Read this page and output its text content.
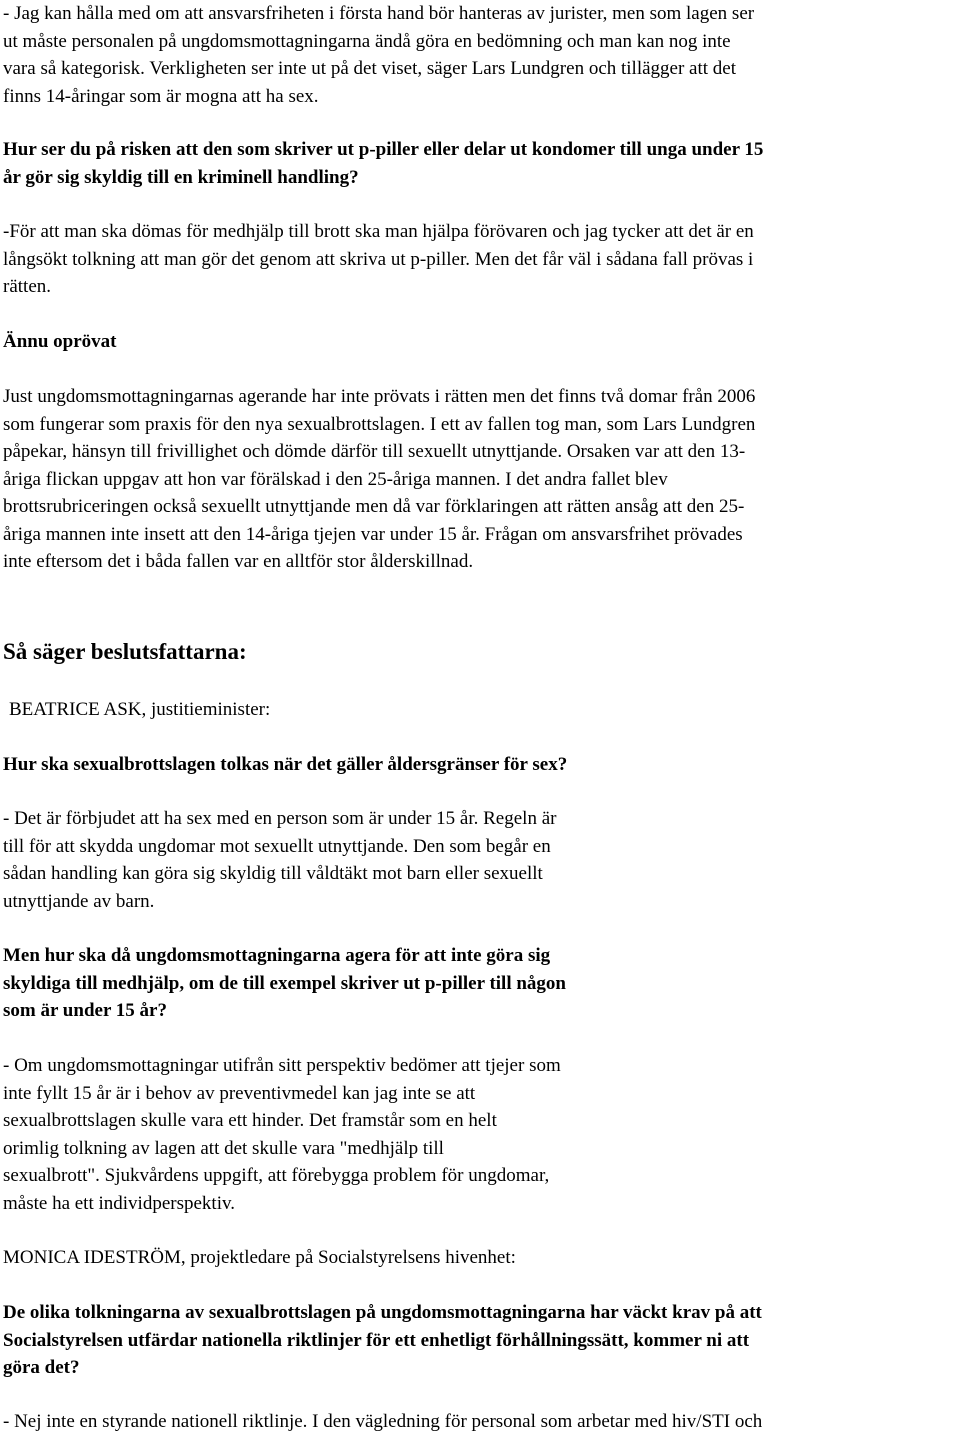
- Jag kan hålla med om att ansvarsfriheten i första hand bör hanteras av jurister, men som lagen ser
ut måste personalen på ungdomsmottagningarna ändå göra en bedömning och man kan nog inte
vara så kategorisk. Verkligheten ser inte ut på det viset, säger Lars Lundgren och tillägger att det
finns 14-åringar som är mogna att ha sex.
Hur ser du på risken att den som skriver ut p-piller eller delar ut kondomer till unga under 15
år gör sig skyldig till en kriminell handling?
-För att man ska dömas för medhjälp till brott ska man hjälpa förövaren och jag tycker att det är en
långsökt tolkning att man gör det genom att skriva ut p-piller. Men det får väl i sådana fall prövas i
rätten.
Ännu oprövat
Just ungdomsmottagningarnas agerande har inte prövats i rätten men det finns två domar från 2006
som fungerar som praxis för den nya sexualbrottslagen. I ett av fallen tog man, som Lars Lundgren
påpekar, hänsyn till frivillighet och dömde därför till sexuellt utnyttjande. Orsaken var att den 13-
åriga flickan uppgav att hon var förälskad i den 25-åriga mannen. I det andra fallet blev
brottsrubriceringen också sexuellt utnyttjande men då var förklaringen att rätten ansåg att den 25-
åriga mannen inte insett att den 14-åriga tjejen var under 15 år. Frågan om ansvarsfrihet prövades
inte eftersom det i båda fallen var en alltför stor ålderskillnad.
Så säger beslutsfattarna:
BEATRICE ASK, justitieminister:
Hur ska sexualbrottslagen tolkas när det gäller åldersgränser för sex?
- Det är förbjudet att ha sex med en person som är under 15 år. Regeln är
till för att skydda ungdomar mot sexuellt utnyttjande. Den som begår en
sådan handling kan göra sig skyldig till våldtäkt mot barn eller sexuellt
utnyttjande av barn.
Men hur ska då ungdomsmottagningarna agera för att inte göra sig
skyldiga till medhjälp, om de till exempel skriver ut p-piller till någon
som är under 15 år?
- Om ungdomsmottagningar utifrån sitt perspektiv bedömer att tjejer som
inte fyllt 15 år är i behov av preventivmedel kan jag inte se att
sexualbrottslagen skulle vara ett hinder. Det framstår som en helt
orimlig tolkning av lagen att det skulle vara "medhjälp till
sexualbrott". Sjukvårdens uppgift, att förebygga problem för ungdomar,
måste ha ett individperspektiv.
MONICA IDESTRÖM, projektledare på Socialstyrelsens hivenhet:
De olika tolkningarna av sexualbrottslagen på ungdomsmottagningarna har väckt krav på att
Socialstyrelsen utfärdar nationella riktlinjer för ett enhetligt förhållningssätt, kommer ni att
göra det?
- Nej inte en styrande nationell riktlinje. I den vägledning för personal som arbetar med hiv/STI och
